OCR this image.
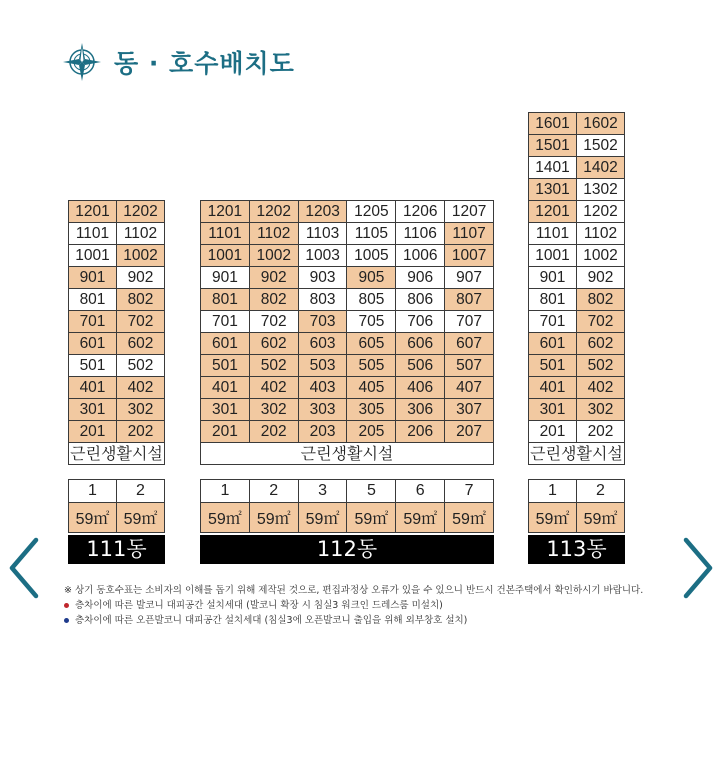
동 · 호수배치도
1201	1202
1101	1102
1001	1002
901	902
801	802
701	702
601	602
501	502
401	402
301	302
201	202
근린생활시설
1	2
59㎡	59㎡
111동
1201	1202	1203	1205	1206	1207
1101	1102	1103	1105	1106	1107
1001	1002	1003	1005	1006	1007
901	902	903	905	906	907
801	802	803	805	806	807
701	702	703	705	706	707
601	602	603	605	606	607
501	502	503	505	506	507
401	402	403	405	406	407
301	302	303	305	306	307
201	202	203	205	206	207
근린생활시설
1	2	3	5	6	7
59㎡	59㎡	59㎡	59㎡	59㎡	59㎡
112동
1601	1602
1501	1502
1401	1402
1301	1302
1201	1202
1101	1102
1001	1002
901	902
801	802
701	702
601	602
501	502
401	402
301	302
201	202
근린생활시설
1	2
59㎡	59㎡
113동
※ 상기 동호수표는 소비자의 이해를 돕기 위해 제작된 것으로, 편집과정상 오류가 있을 수 있으니 반드시 건본주택에서 확인하시기 바랍니다.
층차이에 따른 발코니 대피공간 설치세대 (발코니 확장 시 침실3 워크인 드레스룸 미설치)
층차이에 따른 오픈발코니 대피공간 설치세대 (침실3에 오픈발코니 출입을 위해 외부창호 설치)
